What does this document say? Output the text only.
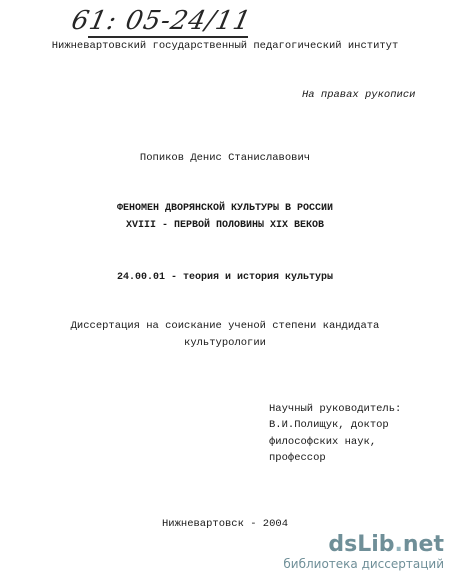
61: 05-24/11
Нижневартовский государственный педагогический институт
На правах рукописи
Попиков Денис Станиславович
ФЕНОМЕН ДВОРЯНСКОЙ КУЛЬТУРЫ В РОССИИ
XVIII - ПЕРВОЙ ПОЛОВИНЫ XIX ВЕКОВ
24.00.01 - теория и история культуры
Диссертация на соискание ученой степени кандидата
культурологии
Научный руководитель:
В.И.Полищук, доктор
философских наук,
профессор
Нижневартовск - 2004
dsLib.net
библиотека диссертаций
